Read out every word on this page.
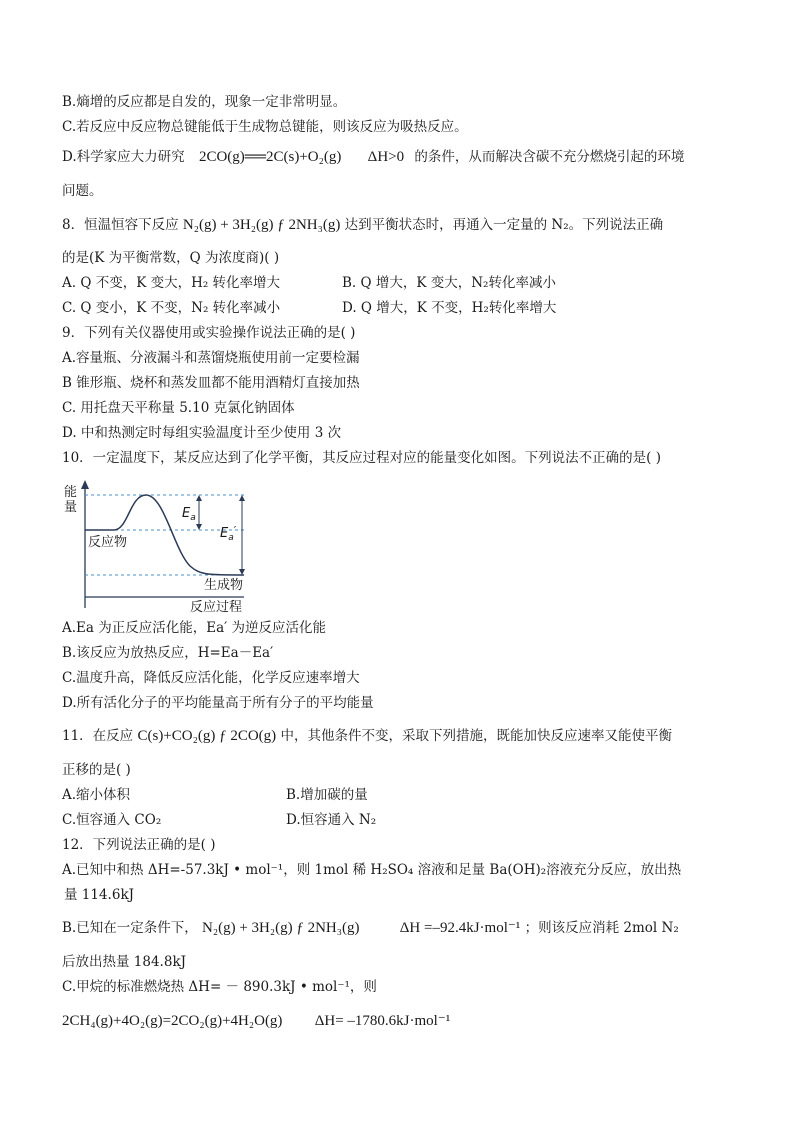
B.熵增的反应都是自发的，现象一定非常明显。
C.若反应中反应物总键能低于生成物总键能，则该反应为吸热反应。
D.科学家应大力研究 2CO(g)══2C(s)+O₂(g) ΔH>0 的条件，从而解决含碳不充分燃烧引起的环境
问题。
8．恒温恒容下反应 N₂(g) + 3H₂(g) ƒ 2NH₃(g) 达到平衡状态时，再通入一定量的 N₂。下列说法正确
的是(K 为平衡常数，Q 为浓度商)( )
A. Q 不变，K 变大，H₂ 转化率增大	B. Q 增大，K 变大，N₂转化率减小
C. Q 变小，K 不变，N₂ 转化率减小	D. Q 增大，K 不变，H₂转化率增大
9．下列有关仪器使用或实验操作说法正确的是( )
A.容量瓶、分液漏斗和蒸馏烧瓶使用前一定要检漏
B 锥形瓶、烧杯和蒸发皿都不能用酒精灯直接加热
C. 用托盘天平称量 5.10 克氯化钠固体
D. 中和热测定时每组实验温度计至少使用 3 次
10．一定温度下，某反应达到了化学平衡，其反应过程对应的能量变化如图。下列说法不正确的是( )
能
量
反应物
生成物
反应过程
$E_a$
$E_a'$
A.Ea 为正反应活化能，Ea′ 为逆反应活化能
B.该反应为放热反应，H=Ea－Ea′
C.温度升高，降低反应活化能，化学反应速率增大
D.所有活化分子的平均能量高于所有分子的平均能量
11．在反应 C(s)+CO₂(g) ƒ 2CO(g) 中，其他条件不变，采取下列措施，既能加快反应速率又能使平衡
正移的是( )
A.缩小体积	B.增加碳的量
C.恒容通入 CO₂	D.恒容通入 N₂
12．下列说法正确的是( )
A.已知中和热 ΔH=-57.3kJ • mol⁻¹，则 1mol 稀 H₂SO₄ 溶液和足量 Ba(OH)₂溶液充分反应，放出热
量 114.6kJ
B.已知在一定条件下， N₂(g) + 3H₂(g) ƒ 2NH₃(g)	ΔH =–92.4kJ·mol⁻¹ ；则该反应消耗 2mol N₂
后放出热量 184.8kJ
C.甲烷的标准燃烧热 ΔH= － 890.3kJ • mol⁻¹，则
2CH₄(g)+4O₂(g)=2CO₂(g)+4H₂O(g) ΔH= –1780.6kJ·mol⁻¹
